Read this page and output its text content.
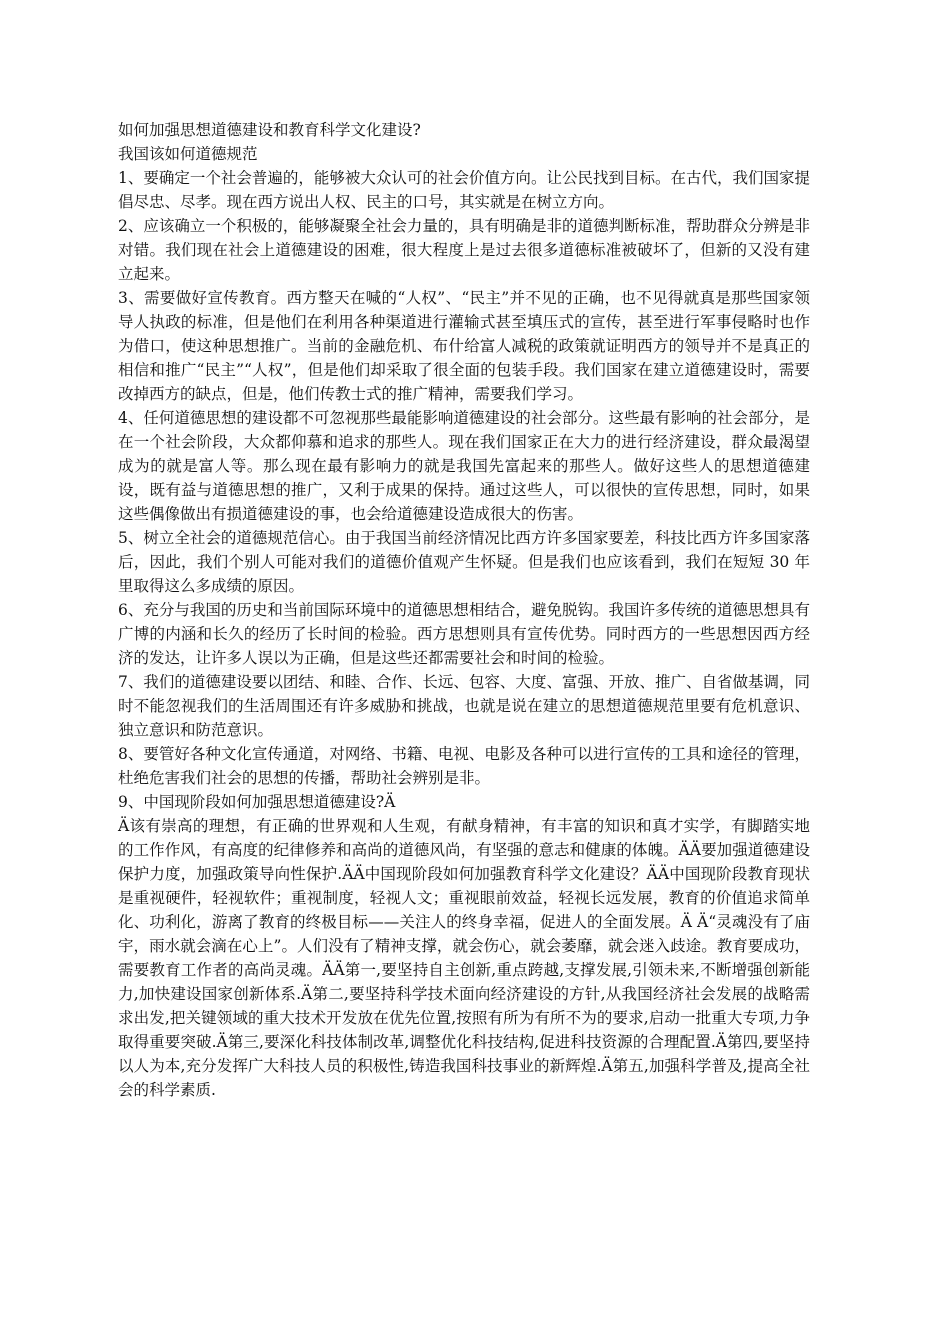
如何加强思想道德建设和教育科学文化建设?

我国该如何道德规范

1、要确定一个社会普遍的，能够被大众认可的社会价值方向。让公民找到目标。在古代，我们国家提倡尽忠、尽孝。现在西方说出人权、民主的口号，其实就是在树立方向。

2、应该确立一个积极的，能够凝聚全社会力量的，具有明确是非的道德判断标准，帮助群众分辨是非对错。我们现在社会上道德建设的困难，很大程度上是过去很多道德标准被破坏了，但新的又没有建立起来。

3、需要做好宣传教育。西方整天在喊的“人权”、“民主”并不见的正确，也不见得就真是那些国家领导人执政的标准，但是他们在利用各种渠道进行灌输式甚至填压式的宣传，甚至进行军事侵略时也作为借口，使这种思想推广。当前的金融危机、布什给富人减税的政策就证明西方的领导并不是真正的相信和推广“民主”“人权”，但是他们却采取了很全面的包装手段。我们国家在建立道德建设时，需要改掉西方的缺点，但是，他们传教士式的推广精神，需要我们学习。

4、任何道德思想的建设都不可忽视那些最能影响道德建设的社会部分。这些最有影响的社会部分，是在一个社会阶段，大众都仰慕和追求的那些人。现在我们国家正在大力的进行经济建设，群众最渴望成为的就是富人等。那么现在最有影响力的就是我国先富起来的那些人。做好这些人的思想道德建设，既有益与道德思想的推广，又利于成果的保持。通过这些人，可以很快的宣传思想，同时，如果这些偶像做出有损道德建设的事，也会给道德建设造成很大的伤害。

5、树立全社会的道德规范信心。由于我国当前经济情况比西方许多国家要差，科技比西方许多国家落后，因此，我们个别人可能对我们的道德价值观产生怀疑。但是我们也应该看到，我们在短短 30 年里取得这么多成绩的原因。

6、充分与我国的历史和当前国际环境中的道德思想相结合，避免脱钩。我国许多传统的道德思想具有广博的内涵和长久的经历了长时间的检验。西方思想则具有宣传优势。同时西方的一些思想因西方经济的发达，让许多人误以为正确，但是这些还都需要社会和时间的检验。

7、我们的道德建设要以团结、和睦、合作、长远、包容、大度、富强、开放、推广、自省做基调，同时不能忽视我们的生活周围还有许多威胁和挑战，也就是说在建立的思想道德规范里要有危机意识、独立意识和防范意识。

8、要管好各种文化宣传通道，对网络、书籍、电视、电影及各种可以进行宣传的工具和途径的管理，杜绝危害我们社会的思想的传播，帮助社会辨别是非。

9、中国现阶段如何加强思想道德建设?Ä

Ä该有崇高的理想，有正确的世界观和人生观，有献身精神，有丰富的知识和真才实学，有脚踏实地的工作作风，有高度的纪律修养和高尚的道德风尚，有坚强的意志和健康的体魄。ÄÄ要加强道德建设保护力度，加强政策导向性保护.ÄÄ中国现阶段如何加强教育科学文化建设？ÄÄ中国现阶段教育现状是重视硬件，轻视软件；重视制度，轻视人文；重视眼前效益，轻视长远发展，教育的价值追求简单化、功利化，游离了教育的终极目标——关注人的终身幸福，促进人的全面发展。Ä Ä“灵魂没有了庙宇，雨水就会滴在心上”。人们没有了精神支撑，就会伤心，就会萎靡，就会迷入歧途。教育要成功，需要教育工作者的高尚灵魂。ÄÄ第一,要坚持自主创新,重点跨越,支撑发展,引领未来,不断增强创新能力,加快建设国家创新体系.Ä第二,要坚持科学技术面向经济建设的方针,从我国经济社会发展的战略需求出发,把关键领域的重大技术开发放在优先位置,按照有所为有所不为的要求,启动一批重大专项,力争取得重要突破.Ä第三,要深化科技体制改革,调整优化科技结构,促进科技资源的合理配置.Ä第四,要坚持以人为本,充分发挥广大科技人员的积极性,铸造我国科技事业的新辉煌.Ä第五,加强科学普及,提高全社会的科学素质.
